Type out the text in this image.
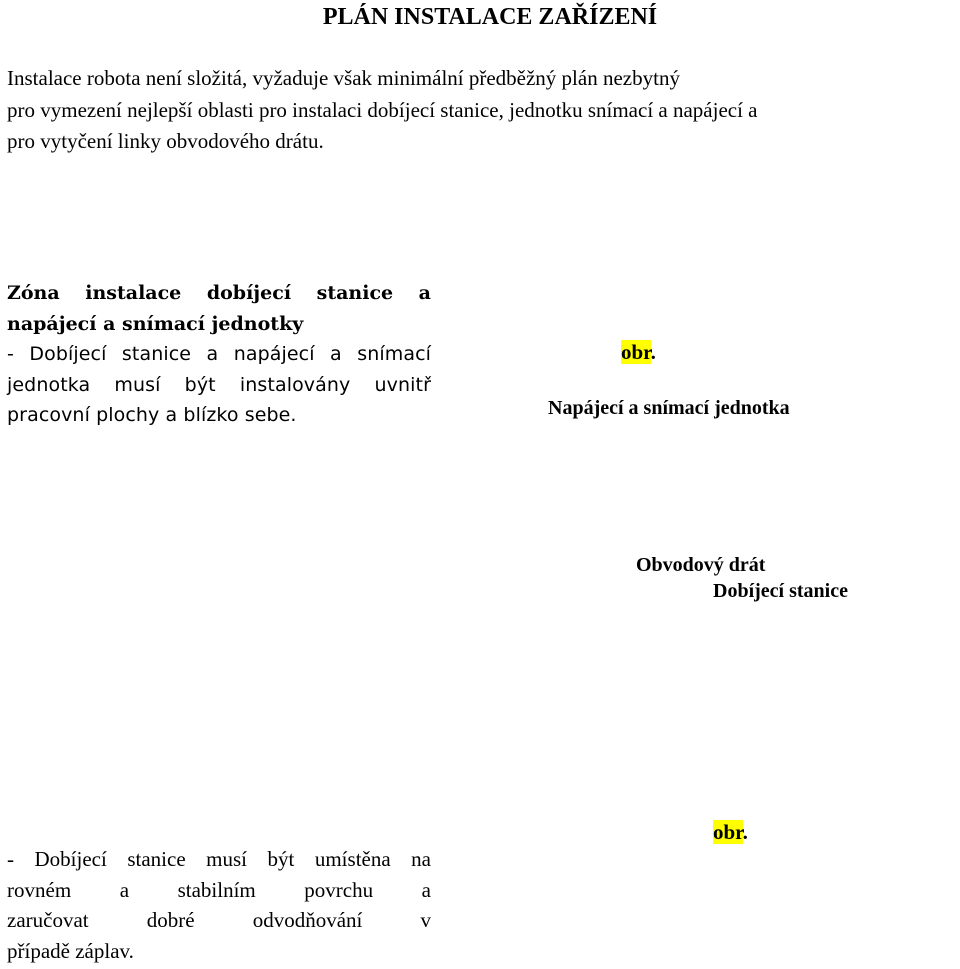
PLÁN INSTALACE ZAŘÍZENÍ
Instalace robota není složitá, vyžaduje však minimální předběžný plán nezbytný
pro vymezení nejlepší oblasti pro instalaci dobíjecí stanice, jednotku snímací a napájecí a
pro vytyčení linky obvodového drátu.
Zóna instalace dobíjecí stanice a
napájecí a snímací jednotky
- Dobíjecí stanice a napájecí a snímací
jednotka musí být instalovány uvnitř
pracovní plochy a blízko sebe.
obr.
Napájecí a snímací jednotka
Obvodový drát
Dobíjecí stanice
obr.
- Dobíjecí stanice musí být umístěna na
rovném a stabilním povrchu a
zaručovat dobré odvodňování v
případě záplav.
